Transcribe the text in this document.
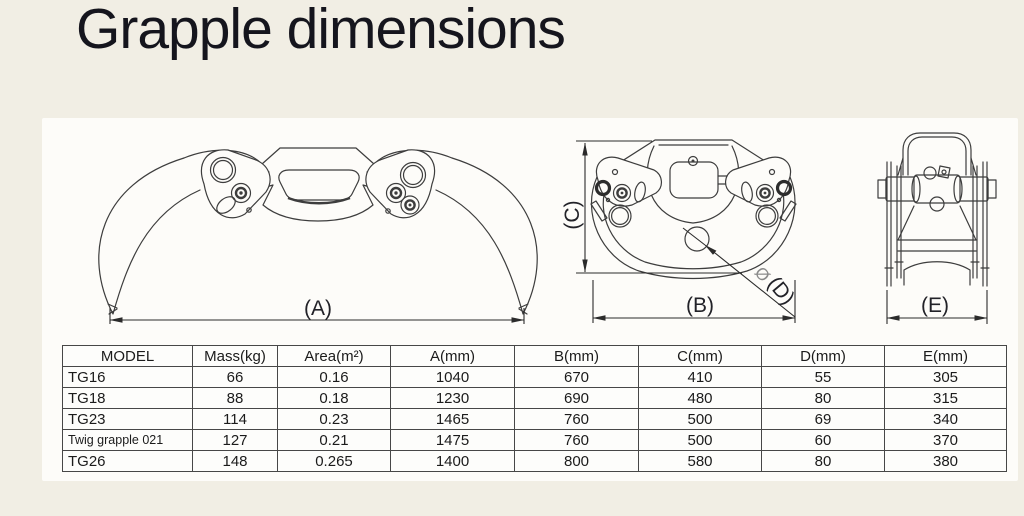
Grapple dimensions
(A)
(C)
(B)
Ø
(D)	(E)
MODEL	Mass(kg)	Area(m²)	A(mm)	B(mm)	C(mm)	D(mm)	E(mm)
TG16	66	0.16	1040	670	410	55	305
TG18	88	0.18	1230	690	480	80	315
TG23	114	0.23	1465	760	500	69	340
Twig grapple 021	127	0.21	1475	760	500	60	370
TG26	148	0.265	1400	800	580	80	380
